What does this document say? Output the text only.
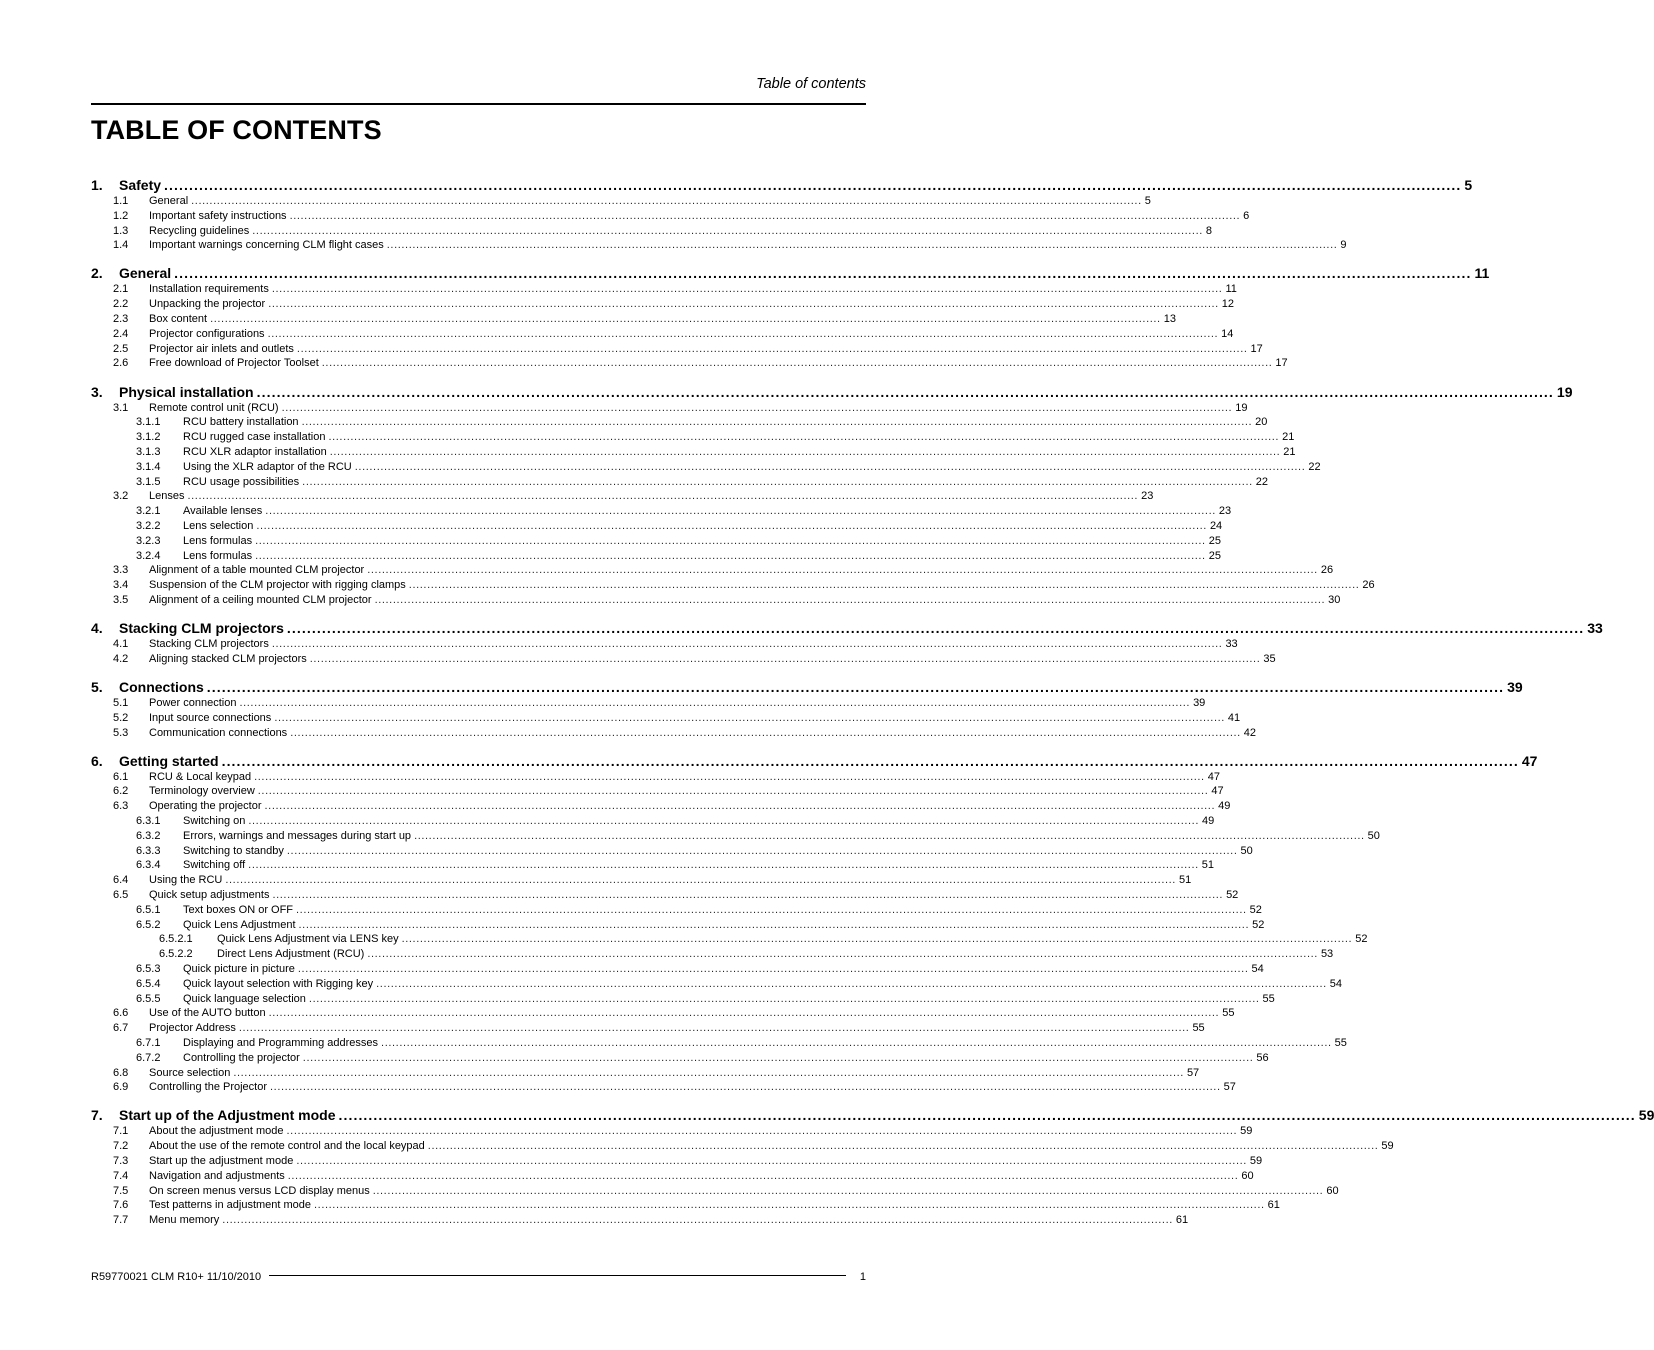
Table of contents
TABLE OF CONTENTS
1.	Safety .................................................................................................................................................................................................................................................................... 5
1.1	General .................................................................................................................................................................................................................................................................... 5
1.2	Important safety instructions .................................................................................................................................................................................................................................................................... 6
1.3	Recycling guidelines .................................................................................................................................................................................................................................................................... 8
1.4	Important warnings concerning CLM flight cases .................................................................................................................................................................................................................................................................... 9
2.	General .................................................................................................................................................................................................................................................................... 11
2.1	Installation requirements .................................................................................................................................................................................................................................................................... 11
2.2	Unpacking the projector .................................................................................................................................................................................................................................................................... 12
2.3	Box content .................................................................................................................................................................................................................................................................... 13
2.4	Projector configurations .................................................................................................................................................................................................................................................................... 14
2.5	Projector air inlets and outlets .................................................................................................................................................................................................................................................................... 17
2.6	Free download of Projector Toolset .................................................................................................................................................................................................................................................................... 17
3.	Physical installation .................................................................................................................................................................................................................................................................... 19
3.1	Remote control unit (RCU) .................................................................................................................................................................................................................................................................... 19
3.1.1	RCU battery installation .................................................................................................................................................................................................................................................................... 20
3.1.2	RCU rugged case installation .................................................................................................................................................................................................................................................................... 21
3.1.3	RCU XLR adaptor installation .................................................................................................................................................................................................................................................................... 21
3.1.4	Using the XLR adaptor of the RCU .................................................................................................................................................................................................................................................................... 22
3.1.5	RCU usage possibilities .................................................................................................................................................................................................................................................................... 22
3.2	Lenses .................................................................................................................................................................................................................................................................... 23
3.2.1	Available lenses .................................................................................................................................................................................................................................................................... 23
3.2.2	Lens selection .................................................................................................................................................................................................................................................................... 24
3.2.3	Lens formulas .................................................................................................................................................................................................................................................................... 25
3.2.4	Lens formulas .................................................................................................................................................................................................................................................................... 25
3.3	Alignment of a table mounted CLM projector .................................................................................................................................................................................................................................................................... 26
3.4	Suspension of the CLM projector with rigging clamps .................................................................................................................................................................................................................................................................... 26
3.5	Alignment of a ceiling mounted CLM projector .................................................................................................................................................................................................................................................................... 30
4.	Stacking CLM projectors .................................................................................................................................................................................................................................................................... 33
4.1	Stacking CLM projectors .................................................................................................................................................................................................................................................................... 33
4.2	Aligning stacked CLM projectors .................................................................................................................................................................................................................................................................... 35
5.	Connections .................................................................................................................................................................................................................................................................... 39
5.1	Power connection .................................................................................................................................................................................................................................................................... 39
5.2	Input source connections .................................................................................................................................................................................................................................................................... 41
5.3	Communication connections .................................................................................................................................................................................................................................................................... 42
6.	Getting started .................................................................................................................................................................................................................................................................... 47
6.1	RCU & Local keypad .................................................................................................................................................................................................................................................................... 47
6.2	Terminology overview .................................................................................................................................................................................................................................................................... 47
6.3	Operating the projector .................................................................................................................................................................................................................................................................... 49
6.3.1	Switching on .................................................................................................................................................................................................................................................................... 49
6.3.2	Errors, warnings and messages during start up .................................................................................................................................................................................................................................................................... 50
6.3.3	Switching to standby .................................................................................................................................................................................................................................................................... 50
6.3.4	Switching off .................................................................................................................................................................................................................................................................... 51
6.4	Using the RCU .................................................................................................................................................................................................................................................................... 51
6.5	Quick setup adjustments .................................................................................................................................................................................................................................................................... 52
6.5.1	Text boxes ON or OFF .................................................................................................................................................................................................................................................................... 52
6.5.2	Quick Lens Adjustment .................................................................................................................................................................................................................................................................... 52
6.5.2.1	Quick Lens Adjustment via LENS key .................................................................................................................................................................................................................................................................... 52
6.5.2.2	Direct Lens Adjustment (RCU) .................................................................................................................................................................................................................................................................... 53
6.5.3	Quick picture in picture .................................................................................................................................................................................................................................................................... 54
6.5.4	Quick layout selection with Rigging key .................................................................................................................................................................................................................................................................... 54
6.5.5	Quick language selection .................................................................................................................................................................................................................................................................... 55
6.6	Use of the AUTO button .................................................................................................................................................................................................................................................................... 55
6.7	Projector Address .................................................................................................................................................................................................................................................................... 55
6.7.1	Displaying and Programming addresses .................................................................................................................................................................................................................................................................... 55
6.7.2	Controlling the projector .................................................................................................................................................................................................................................................................... 56
6.8	Source selection .................................................................................................................................................................................................................................................................... 57
6.9	Controlling the Projector .................................................................................................................................................................................................................................................................... 57
7.	Start up of the Adjustment mode .................................................................................................................................................................................................................................................................... 59
7.1	About the adjustment mode .................................................................................................................................................................................................................................................................... 59
7.2	About the use of the remote control and the local keypad .................................................................................................................................................................................................................................................................... 59
7.3	Start up the adjustment mode .................................................................................................................................................................................................................................................................... 59
7.4	Navigation and adjustments .................................................................................................................................................................................................................................................................... 60
7.5	On screen menus versus LCD display menus .................................................................................................................................................................................................................................................................... 60
7.6	Test patterns in adjustment mode .................................................................................................................................................................................................................................................................... 61
7.7	Menu memory .................................................................................................................................................................................................................................................................... 61
R59770021 CLM R10+ 11/10/2010	1
